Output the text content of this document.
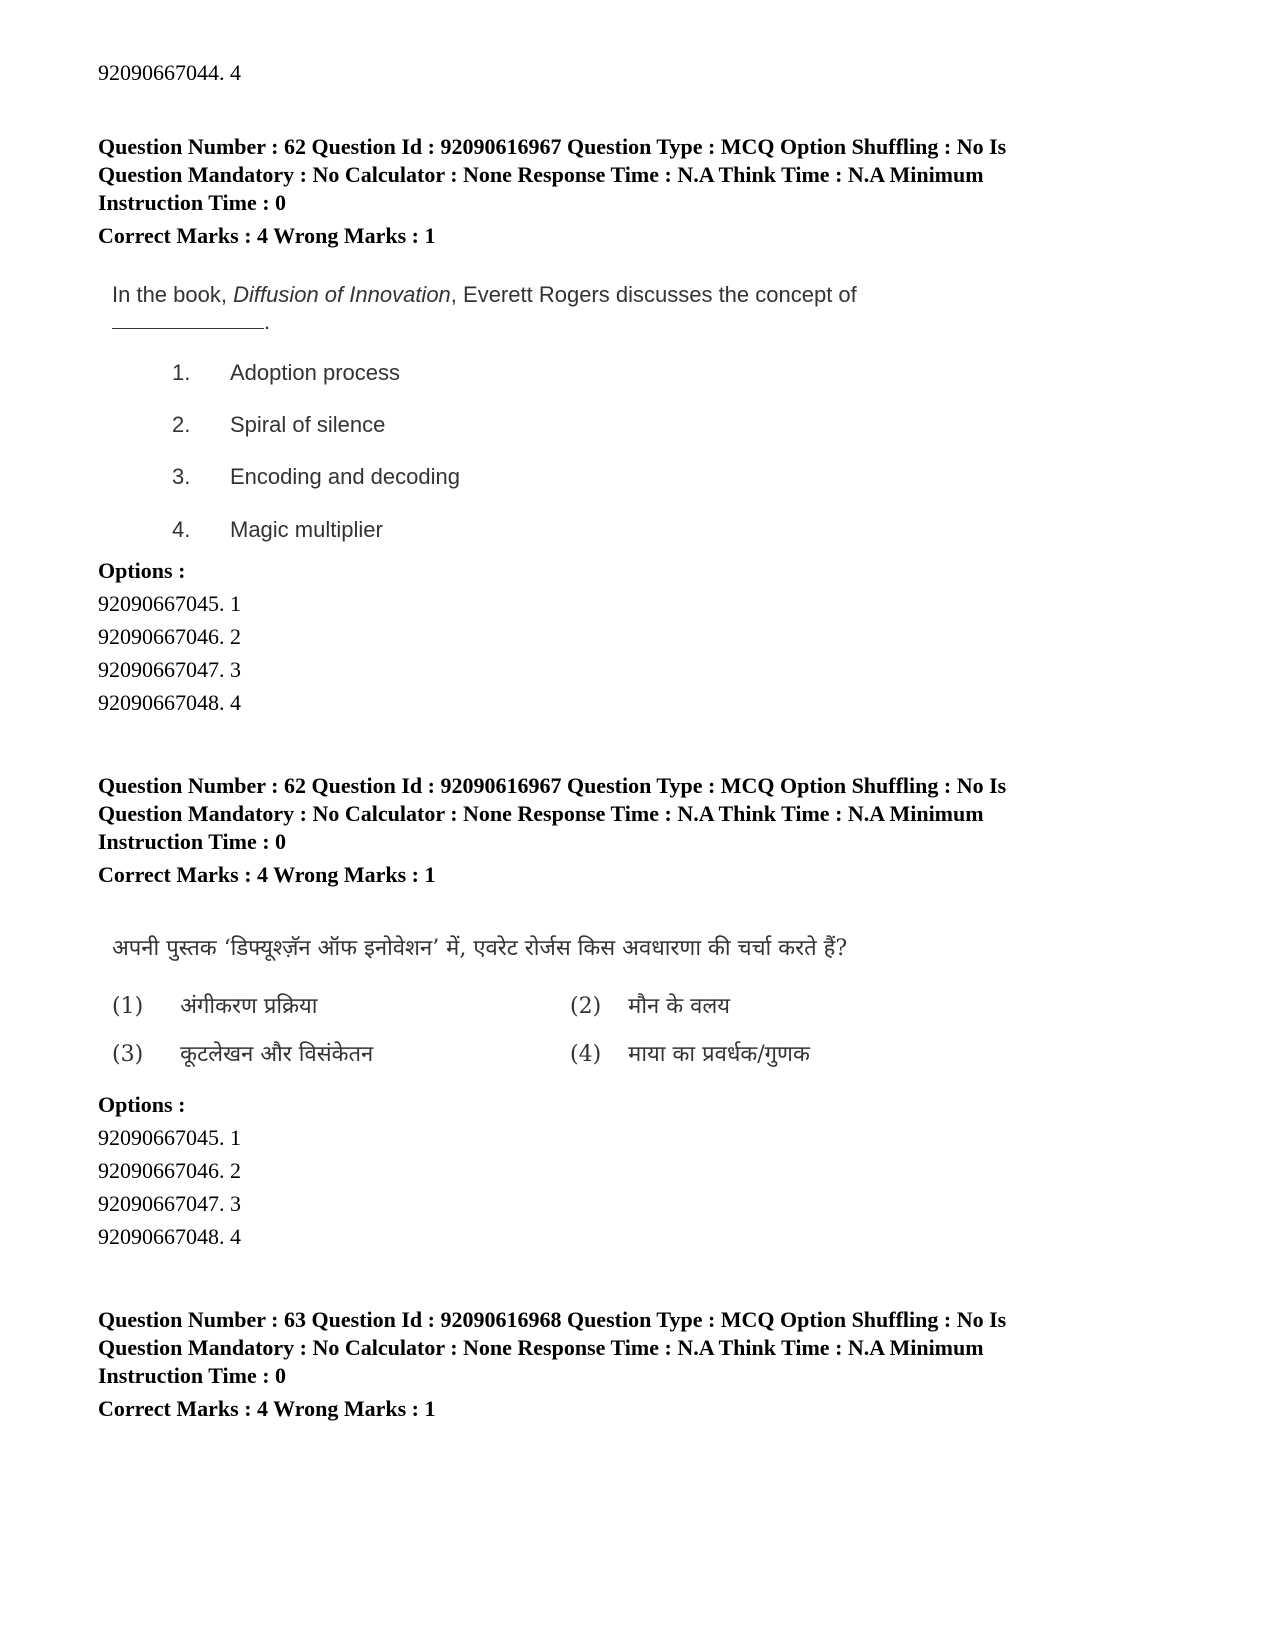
92090667044. 4

Question Number : 62 Question Id : 92090616967 Question Type : MCQ Option Shuffling : No Is

Question Mandatory : No Calculator : None Response Time : N.A Think Time : N.A Minimum

Instruction Time : 0

Correct Marks : 4 Wrong Marks : 1

In the book, Diffusion of Innovation, Everett Rogers discusses the concept of
.
1.	Adoption process
2.	Spiral of silence
3.	Encoding and decoding
4.	Magic multiplier
Options :
92090667045. 1
92090667046. 2
92090667047. 3
92090667048. 4

Question Number : 62 Question Id : 92090616967 Question Type : MCQ Option Shuffling : No Is

Question Mandatory : No Calculator : None Response Time : N.A Think Time : N.A Minimum

Instruction Time : 0

Correct Marks : 4 Wrong Marks : 1

अपनी पुस्तक ‘डिफ्यूश्ज़ॅन ऑफ इनोवेशन’ में, एवरेट रोर्जस किस अवधारणा की चर्चा करते हैं?
(1) अंगीकरण प्रक्रिया	(2) मौन के वलय
(3) कूटलेखन और विसंकेतन	(4) माया का प्रवर्धक/गुणक
Options :
92090667045. 1
92090667046. 2
92090667047. 3
92090667048. 4

Question Number : 63 Question Id : 92090616968 Question Type : MCQ Option Shuffling : No Is

Question Mandatory : No Calculator : None Response Time : N.A Think Time : N.A Minimum

Instruction Time : 0

Correct Marks : 4 Wrong Marks : 1
